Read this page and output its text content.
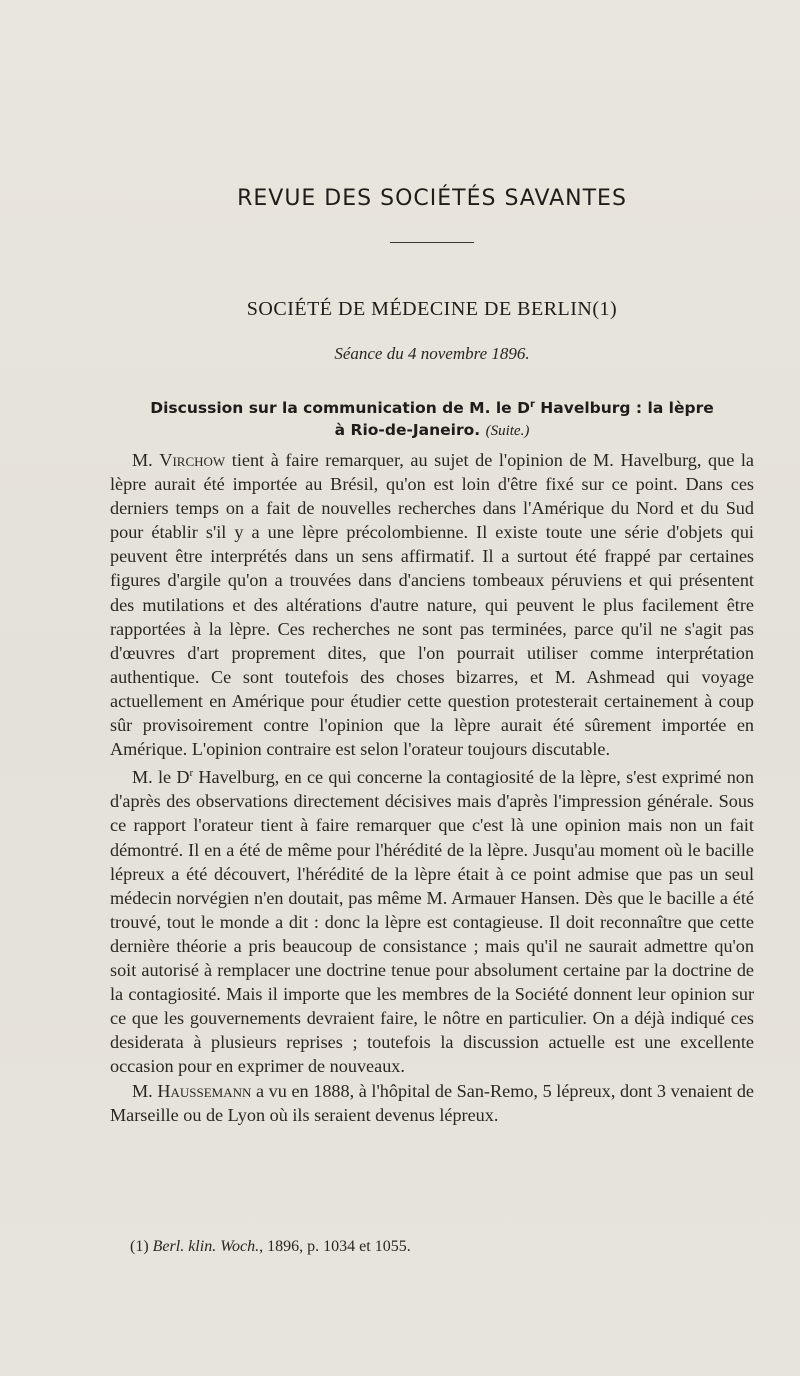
REVUE DES SOCIÉTÉS SAVANTES
SOCIÉTÉ DE MÉDECINE DE BERLIN(1)
Séance du 4 novembre 1896.
Discussion sur la communication de M. le $D^r$ Havelburg : la lèpre
à Rio-de-Janeiro. (Suite.)

M. Virchow tient à faire remarquer, au sujet de l'opinion de M. Havelburg, que la lèpre aurait été importée au Brésil, qu'on est loin d'être fixé sur ce point. Dans ces derniers temps on a fait de nouvelles recherches dans l'Amérique du Nord et du Sud pour établir s'il y a une lèpre précolombienne. Il existe toute une série d'objets qui peuvent être interprétés dans un sens affirmatif. Il a surtout été frappé par certaines figures d'argile qu'on a trouvées dans d'anciens tombeaux péruviens et qui présentent des mutilations et des altérations d'autre nature, qui peuvent le plus facilement être rapportées à la lèpre. Ces recherches ne sont pas terminées, parce qu'il ne s'agit pas d'œuvres d'art proprement dites, que l'on pourrait utiliser comme interprétation authentique. Ce sont toutefois des choses bizarres, et M. Ashmead qui voyage actuellement en Amérique pour étudier cette question protesterait certainement à coup sûr provisoirement contre l'opinion que la lèpre aurait été sûrement importée en Amérique. L'opinion contraire est selon l'orateur toujours discutable.

M. le $D^r$ Havelburg, en ce qui concerne la contagiosité de la lèpre, s'est exprimé non d'après des observations directement décisives mais d'après l'impression générale. Sous ce rapport l'orateur tient à faire remarquer que c'est là une opinion mais non un fait démontré. Il en a été de même pour l'hérédité de la lèpre. Jusqu'au moment où le bacille lépreux a été découvert, l'hérédité de la lèpre était à ce point admise que pas un seul médecin norvégien n'en doutait, pas même M. Armauer Hansen. Dès que le bacille a été trouvé, tout le monde a dit : donc la lèpre est contagieuse. Il doit reconnaître que cette dernière théorie a pris beaucoup de consistance ; mais qu'il ne saurait admettre qu'on soit autorisé à remplacer une doctrine tenue pour absolument certaine par la doctrine de la contagiosité. Mais il importe que les membres de la Société donnent leur opinion sur ce que les gouvernements devraient faire, le nôtre en particulier. On a déjà indiqué ces desiderata à plusieurs reprises ; toutefois la discussion actuelle est une excellente occasion pour en exprimer de nouveaux.

M. Haussemann a vu en 1888, à l'hôpital de San-Remo, 5 lépreux, dont 3 venaient de Marseille ou de Lyon où ils seraient devenus lépreux.

(1) Berl. klin. Woch., 1896, p. 1034 et 1055.
